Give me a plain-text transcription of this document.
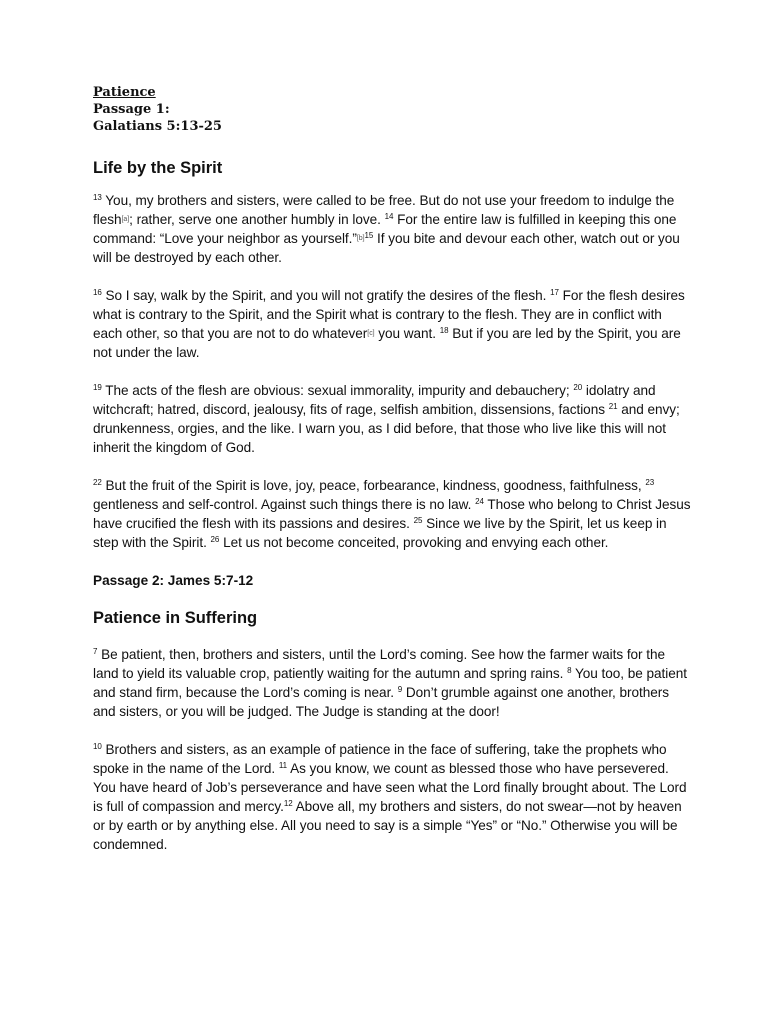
Patience
Passage 1:
Galatians 5:13-25
Life by the Spirit

$^{13}$ You, my brothers and sisters, were called to be free. But do not use your freedom to indulge the flesh[a]; rather, serve one another humbly in love. $^{14}$ For the entire law is fulfilled in keeping this one command: “Love your neighbor as yourself.”$^{[b]15}$ If you bite and devour each other, watch out or you will be destroyed by each other.

$^{16}$ So I say, walk by the Spirit, and you will not gratify the desires of the flesh. $^{17}$ For the flesh desires what is contrary to the Spirit, and the Spirit what is contrary to the flesh. They are in conflict with each other, so that you are not to do whatever[c] you want. $^{18}$ But if you are led by the Spirit, you are not under the law.

$^{19}$ The acts of the flesh are obvious: sexual immorality, impurity and debauchery; $^{20}$ idolatry and witchcraft; hatred, discord, jealousy, fits of rage, selfish ambition, dissensions, factions $^{21}$ and envy; drunkenness, orgies, and the like. I warn you, as I did before, that those who live like this will not inherit the kingdom of God.

$^{22}$ But the fruit of the Spirit is love, joy, peace, forbearance, kindness, goodness, faithfulness, $^{23}$ gentleness and self-control. Against such things there is no law. $^{24}$ Those who belong to Christ Jesus have crucified the flesh with its passions and desires. $^{25}$ Since we live by the Spirit, let us keep in step with the Spirit. $^{26}$ Let us not become conceited, provoking and envying each other.

Passage 2: James 5:7-12

Patience in Suffering

$^7$ Be patient, then, brothers and sisters, until the Lord’s coming. See how the farmer waits for the land to yield its valuable crop, patiently waiting for the autumn and spring rains. $^8$ You too, be patient and stand firm, because the Lord’s coming is near. $^9$ Don’t grumble against one another, brothers and sisters, or you will be judged. The Judge is standing at the door!

$^{10}$ Brothers and sisters, as an example of patience in the face of suffering, take the prophets who spoke in the name of the Lord. $^{11}$ As you know, we count as blessed those who have persevered. You have heard of Job’s perseverance and have seen what the Lord finally brought about. The Lord is full of compassion and mercy.$^{12}$ Above all, my brothers and sisters, do not swear—not by heaven or by earth or by anything else. All you need to say is a simple “Yes” or “No.” Otherwise you will be condemned.
